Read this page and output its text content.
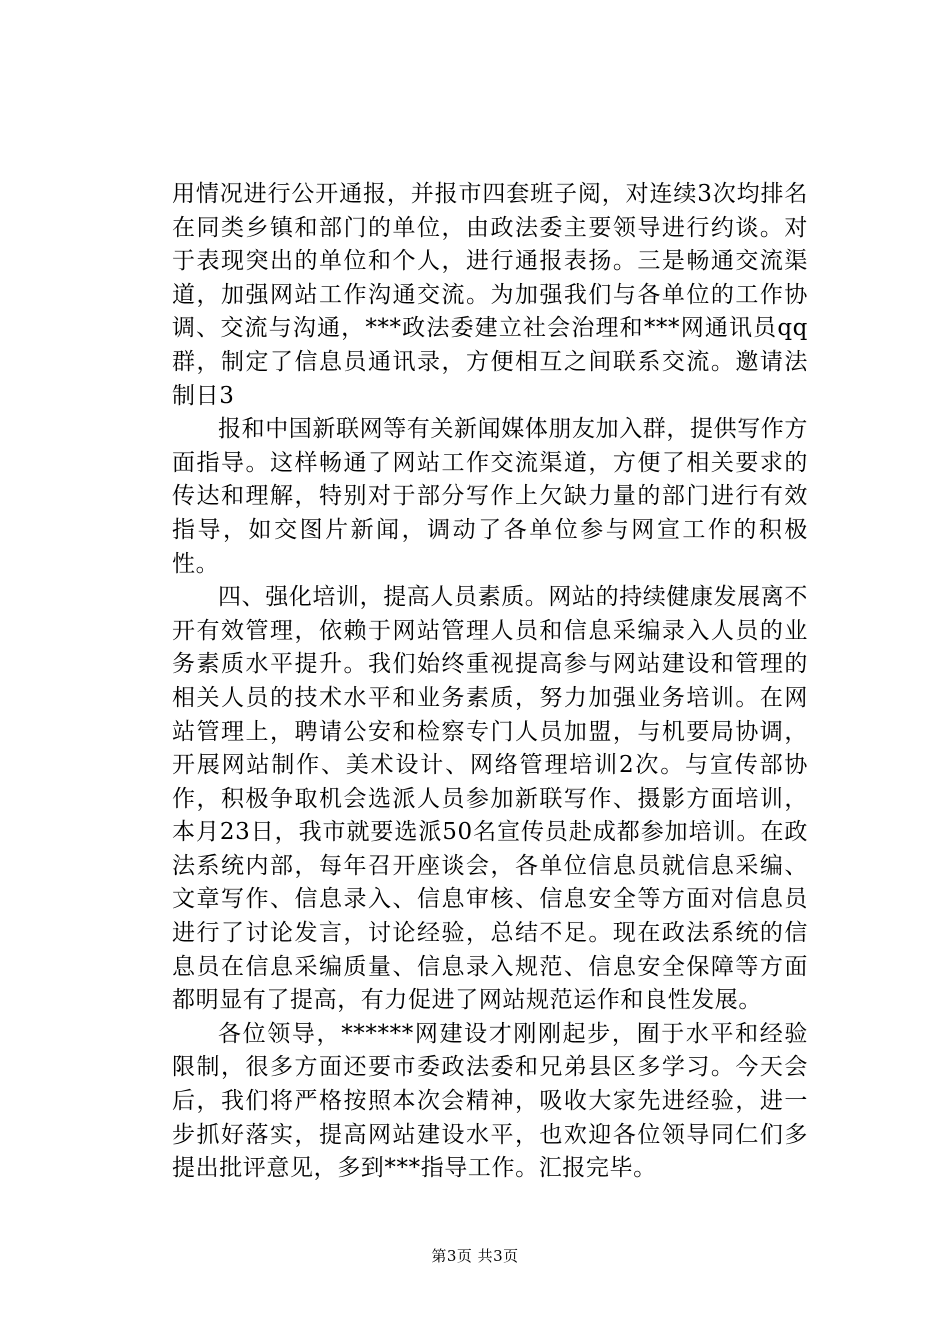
用情况进行公开通报，并报市四套班子阅，对连续3次均排名在同类乡镇和部门的单位，由政法委主要领导进行约谈。对于表现突出的单位和个人，进行通报表扬。三是畅通交流渠道，加强网站工作沟通交流。为加强我们与各单位的工作协调、交流与沟通，***政法委建立社会治理和***网通讯员qq群，制定了信息员通讯录，方便相互之间联系交流。邀请法制日3

报和中国新联网等有关新闻媒体朋友加入群，提供写作方面指导。这样畅通了网站工作交流渠道，方便了相关要求的传达和理解，特别对于部分写作上欠缺力量的部门进行有效指导，如交图片新闻，调动了各单位参与网宣工作的积极性。

四、强化培训，提高人员素质。网站的持续健康发展离不开有效管理，依赖于网站管理人员和信息采编录入人员的业务素质水平提升。我们始终重视提高参与网站建设和管理的相关人员的技术水平和业务素质，努力加强业务培训。在网站管理上，聘请公安和检察专门人员加盟，与机要局协调，开展网站制作、美术设计、网络管理培训2次。与宣传部协作，积极争取机会选派人员参加新联写作、摄影方面培训，本月23日，我市就要选派50名宣传员赴成都参加培训。在政法系统内部，每年召开座谈会，各单位信息员就信息采编、文章写作、信息录入、信息审核、信息安全等方面对信息员进行了讨论发言，讨论经验，总结不足。现在政法系统的信息员在信息采编质量、信息录入规范、信息安全保障等方面都明显有了提高，有力促进了网站规范运作和良性发展。

各位领导，******网建设才刚刚起步，囿于水平和经验限制，很多方面还要市委政法委和兄弟县区多学习。今天会后，我们将严格按照本次会精神，吸收大家先进经验，进一步抓好落实，提高网站建设水平，也欢迎各位领导同仁们多提出批评意见，多到***指导工作。汇报完毕。

第3页 共3页
